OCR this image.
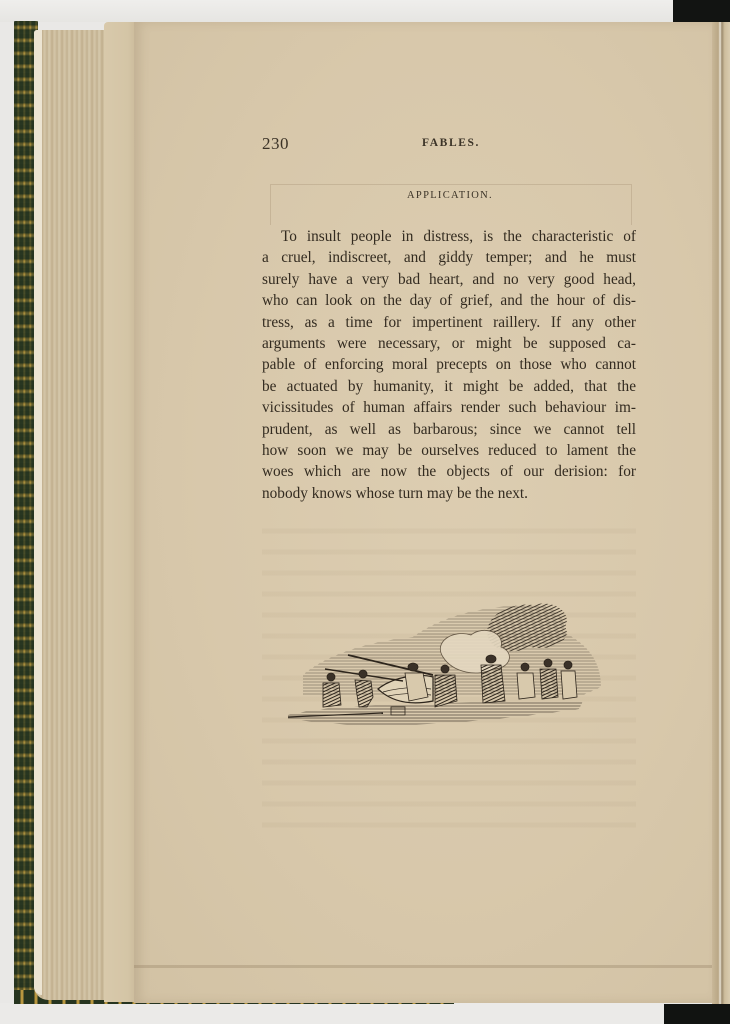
230	FABLES.
APPLICATION.
To insult people in distress, is the characteristic of
a cruel, indiscreet, and giddy temper; and he must
surely have a very bad heart, and no very good head,
who can look on the day of grief, and the hour of dis-
tress, as a time for impertinent raillery. If any other
arguments were necessary, or might be supposed ca-
pable of enforcing moral precepts on those who cannot
be actuated by humanity, it might be added, that the
vicissitudes of human affairs render such behaviour im-
prudent, as well as barbarous; since we cannot tell
how soon we may be ourselves reduced to lament the
woes which are now the objects of our derision: for
nobody knows whose turn may be the next.
